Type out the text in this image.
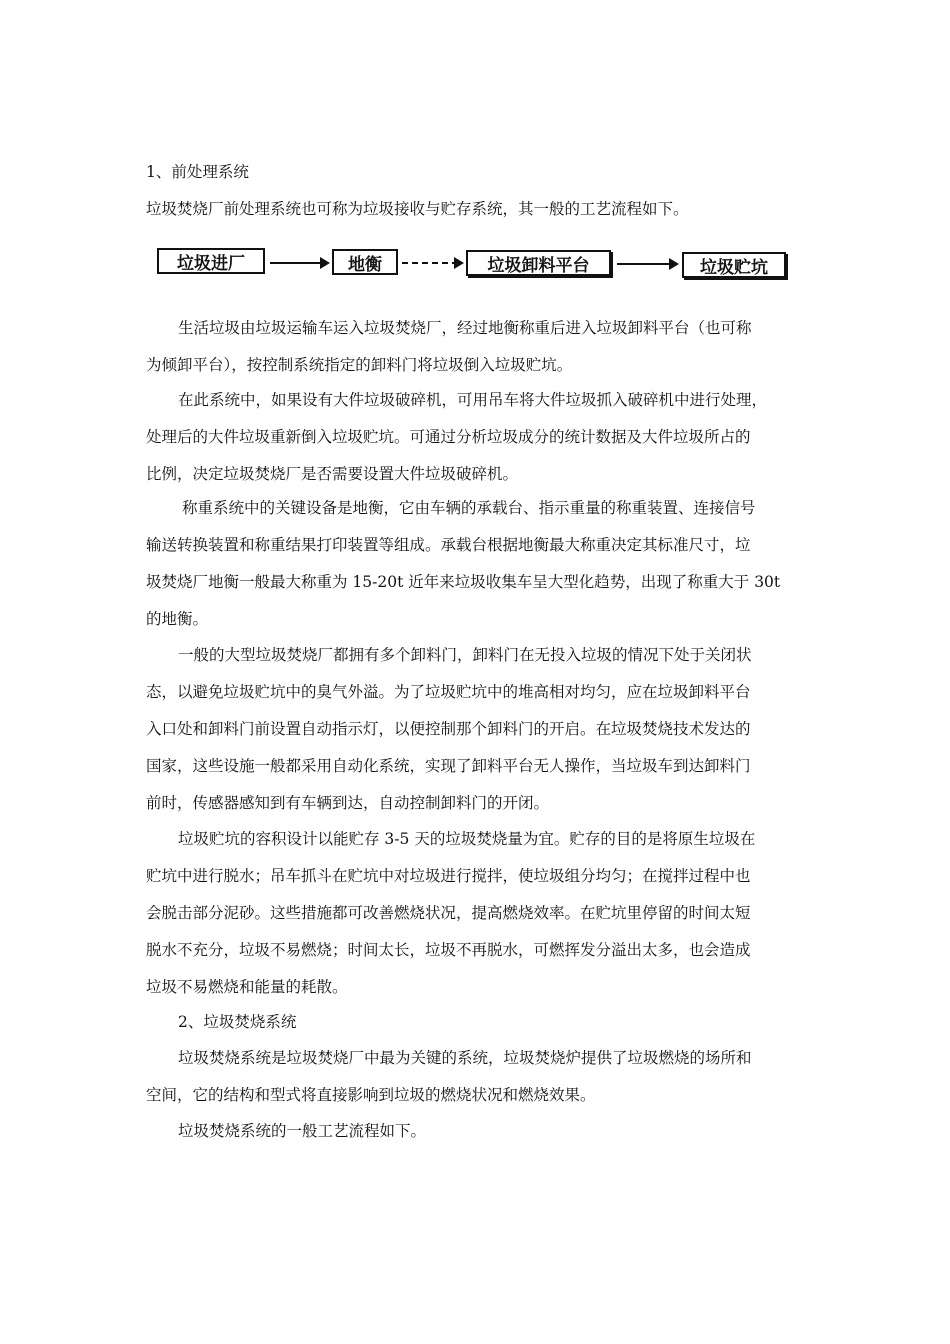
1、前处理系统
垃圾焚烧厂前处理系统也可称为垃圾接收与贮存系统，其一般的工艺流程如下。
垃圾进厂	地衡	垃圾卸料平台	垃圾贮坑
生活垃圾由垃圾运输车运入垃圾焚烧厂，经过地衡称重后进入垃圾卸料平台（也可称
为倾卸平台），按控制系统指定的卸料门将垃圾倒入垃圾贮坑。
在此系统中，如果设有大件垃圾破碎机，可用吊车将大件垃圾抓入破碎机中进行处理，
处理后的大件垃圾重新倒入垃圾贮坑。可通过分析垃圾成分的统计数据及大件垃圾所占的
比例，决定垃圾焚烧厂是否需要设置大件垃圾破碎机。
称重系统中的关键设备是地衡，它由车辆的承载台、指示重量的称重装置、连接信号
输送转换装置和称重结果打印装置等组成。承载台根据地衡最大称重决定其标准尺寸，垃
圾焚烧厂地衡一般最大称重为 15-20t 近年来垃圾收集车呈大型化趋势，出现了称重大于 30t
的地衡。
一般的大型垃圾焚烧厂都拥有多个卸料门，卸料门在无投入垃圾的情况下处于关闭状
态，以避免垃圾贮坑中的臭气外溢。为了垃圾贮坑中的堆高相对均匀，应在垃圾卸料平台
入口处和卸料门前设置自动指示灯，以便控制那个卸料门的开启。在垃圾焚烧技术发达的
国家，这些设施一般都采用自动化系统，实现了卸料平台无人操作，当垃圾车到达卸料门
前时，传感器感知到有车辆到达，自动控制卸料门的开闭。
垃圾贮坑的容积设计以能贮存 3-5 天的垃圾焚烧量为宜。贮存的目的是将原生垃圾在
贮坑中进行脱水；吊车抓斗在贮坑中对垃圾进行搅拌，使垃圾组分均匀；在搅拌过程中也
会脱击部分泥砂。这些措施都可改善燃烧状况，提高燃烧效率。在贮坑里停留的时间太短
脱水不充分，垃圾不易燃烧；时间太长，垃圾不再脱水，可燃挥发分溢出太多，也会造成
垃圾不易燃烧和能量的耗散。
2、垃圾焚烧系统
垃圾焚烧系统是垃圾焚烧厂中最为关键的系统，垃圾焚烧炉提供了垃圾燃烧的场所和
空间，它的结构和型式将直接影响到垃圾的燃烧状况和燃烧效果。
垃圾焚烧系统的一般工艺流程如下。
